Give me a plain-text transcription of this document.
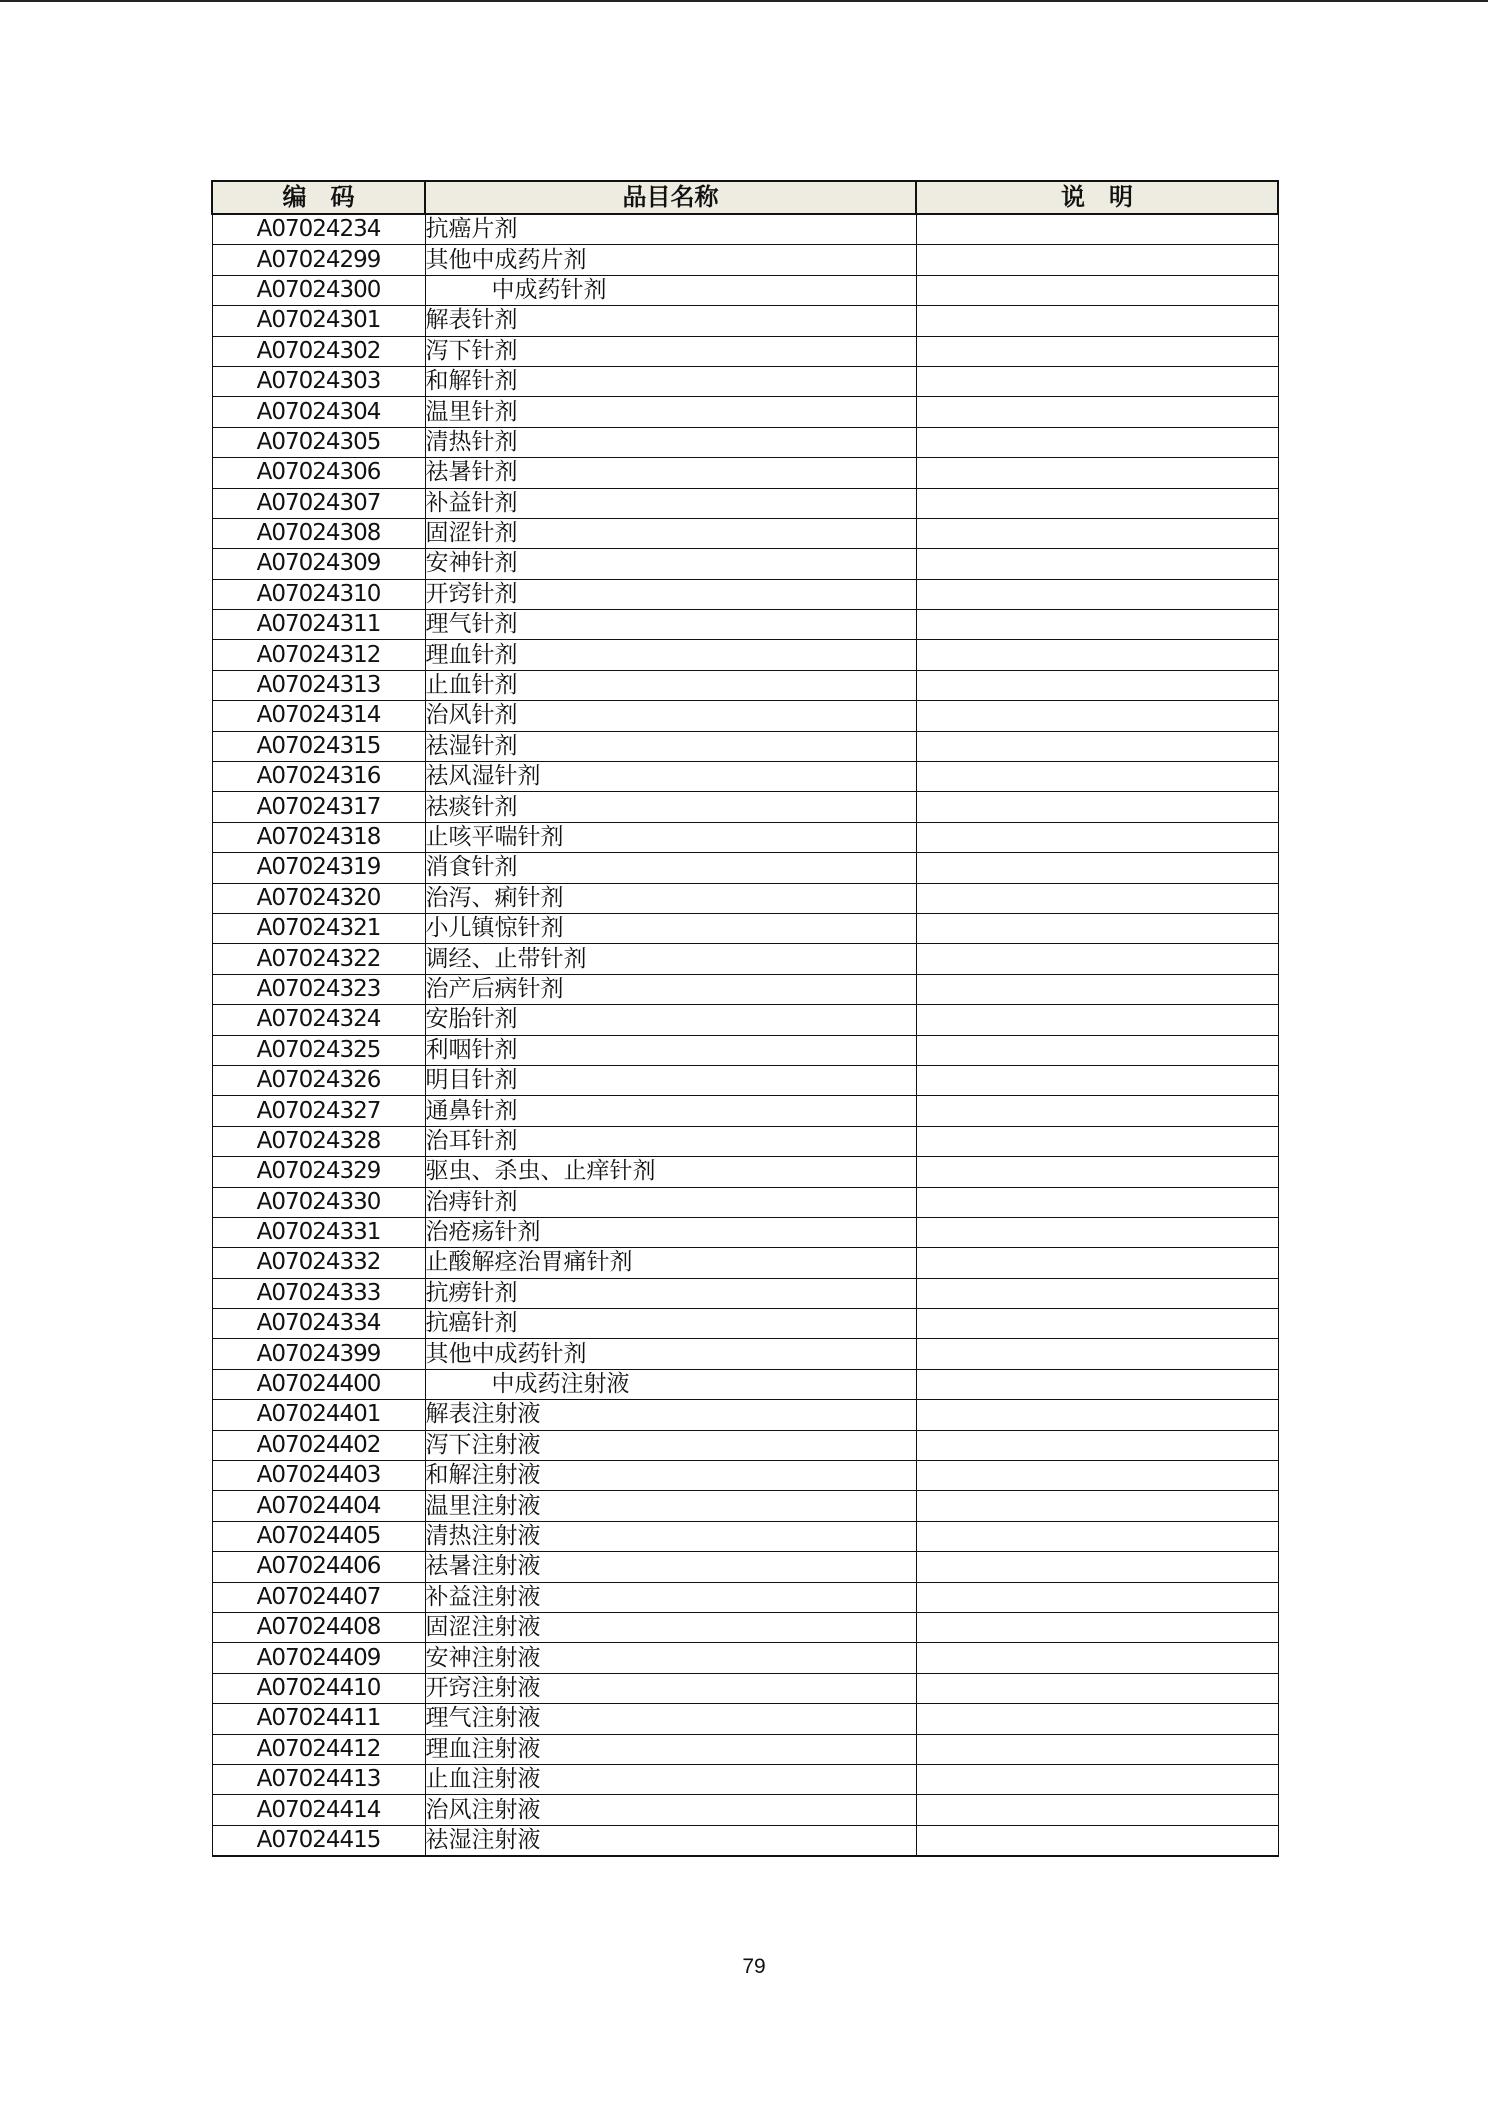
编　码	品目名称	说　明
A07024234	抗癌片剂	
A07024299	其他中成药片剂	
A07024300	中成药针剂	
A07024301	解表针剂	
A07024302	泻下针剂	
A07024303	和解针剂	
A07024304	温里针剂	
A07024305	清热针剂	
A07024306	祛暑针剂	
A07024307	补益针剂	
A07024308	固涩针剂	
A07024309	安神针剂	
A07024310	开窍针剂	
A07024311	理气针剂	
A07024312	理血针剂	
A07024313	止血针剂	
A07024314	治风针剂	
A07024315	祛湿针剂	
A07024316	祛风湿针剂	
A07024317	祛痰针剂	
A07024318	止咳平喘针剂	
A07024319	消食针剂	
A07024320	治泻、痢针剂	
A07024321	小儿镇惊针剂	
A07024322	调经、止带针剂	
A07024323	治产后病针剂	
A07024324	安胎针剂	
A07024325	利咽针剂	
A07024326	明目针剂	
A07024327	通鼻针剂	
A07024328	治耳针剂	
A07024329	驱虫、杀虫、止痒针剂	
A07024330	治痔针剂	
A07024331	治疮疡针剂	
A07024332	止酸解痉治胃痛针剂	
A07024333	抗痨针剂	
A07024334	抗癌针剂	
A07024399	其他中成药针剂	
A07024400	中成药注射液	
A07024401	解表注射液	
A07024402	泻下注射液	
A07024403	和解注射液	
A07024404	温里注射液	
A07024405	清热注射液	
A07024406	祛暑注射液	
A07024407	补益注射液	
A07024408	固涩注射液	
A07024409	安神注射液	
A07024410	开窍注射液	
A07024411	理气注射液	
A07024412	理血注射液	
A07024413	止血注射液	
A07024414	治风注射液	
A07024415	祛湿注射液	
79
